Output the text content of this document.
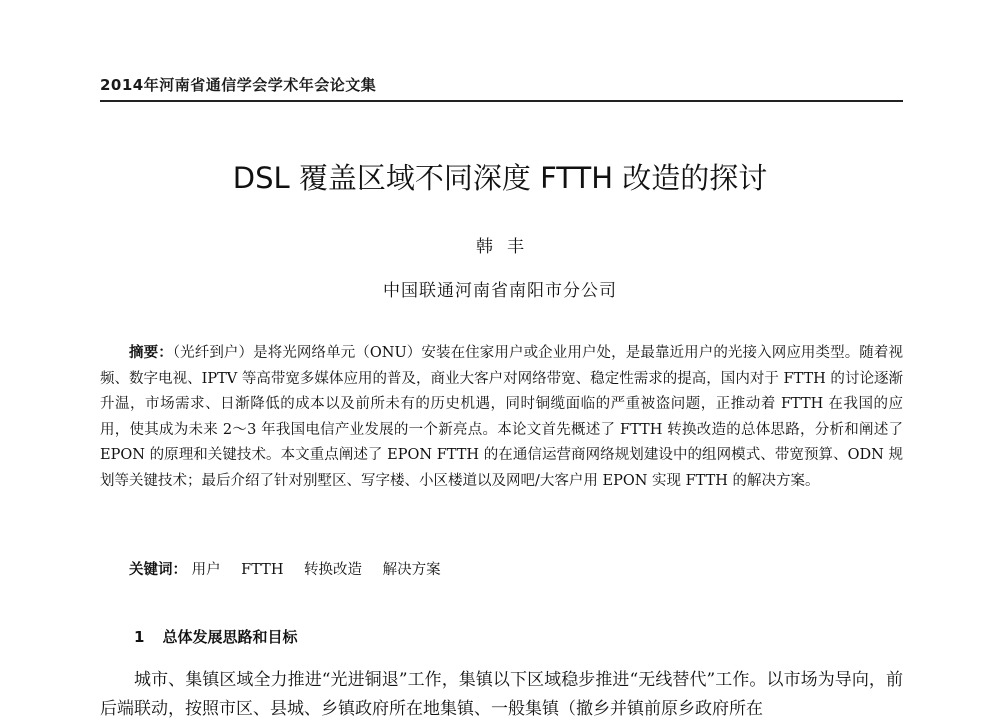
2014年河南省通信学会学术年会论文集
DSL 覆盖区域不同深度 FTTH 改造的探讨
韩丰
中国联通河南省南阳市分公司

摘要：（光纤到户）是将光网络单元（ONU）安装在住家用户或企业用户处，是最靠近用户的光接入网应用类型。随着视频、数字电视、IPTV 等高带宽多媒体应用的普及，商业大客户对网络带宽、稳定性需求的提高，国内对于 FTTH 的讨论逐渐升温，市场需求、日渐降低的成本以及前所未有的历史机遇，同时铜缆面临的严重被盗问题，正推动着 FTTH 在我国的应用，使其成为未来 2～3 年我国电信产业发展的一个新亮点。本论文首先概述了 FTTH 转换改造的总体思路，分析和阐述了 EPON 的原理和关键技术。本文重点阐述了 EPON FTTH 的在通信运营商网络规划建设中的组网模式、带宽预算、ODN 规划等关键技术；最后介绍了针对别墅区、写字楼、小区楼道以及网吧/大客户用 EPON 实现 FTTH 的解决方案。

关键词： 用户 FTTH 转换改造 解决方案
1 总体发展思路和目标

城市、集镇区域全力推进“光进铜退”工作，集镇以下区域稳步推进“无线替代”工作。以市场为导向，前后端联动，按照市区、县城、乡镇政府所在地集镇、一般集镇（撤乡并镇前原乡政府所在
